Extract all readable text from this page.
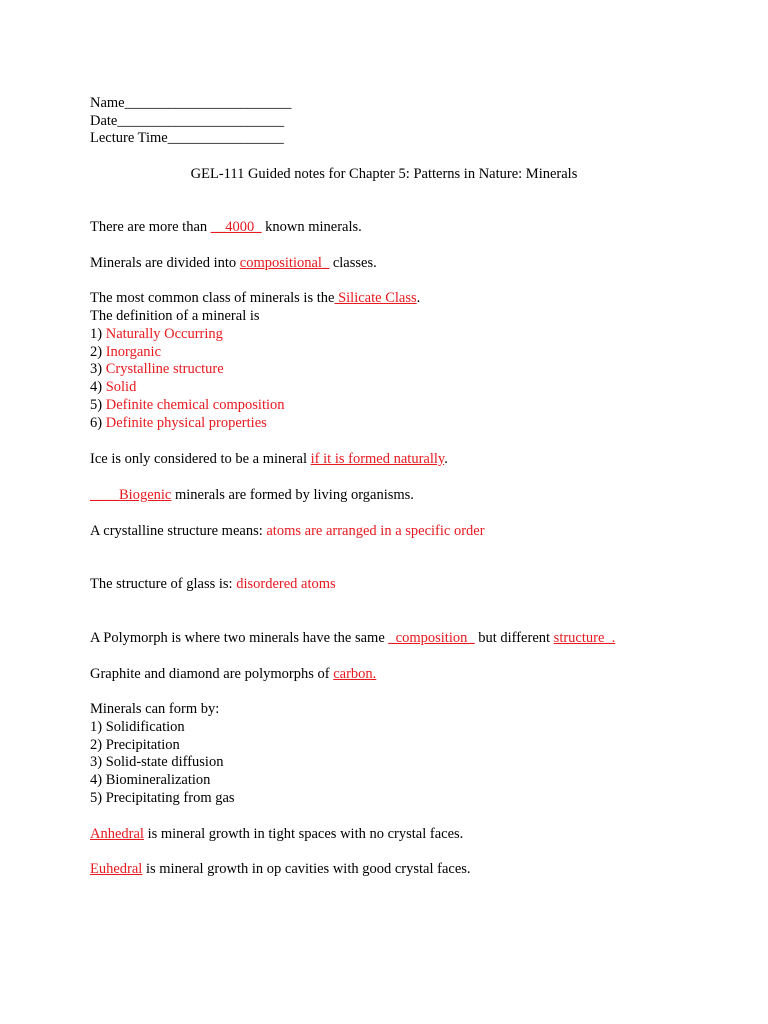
Name_______________________
Date_______________________
Lecture Time________________
GEL-111 Guided notes for Chapter 5: Patterns in Nature: Minerals
There are more than __4000_ known minerals.
Minerals are divided into compositional_ classes.
The most common class of minerals is the Silicate Class.
The definition of a mineral is
1) Naturally Occurring
2) Inorganic
3) Crystalline structure
4) Solid
5) Definite chemical composition
6) Definite physical properties
Ice is only considered to be a mineral if it is formed naturally.
____Biogenic minerals are formed by living organisms.
A crystalline structure means: atoms are arranged in a specific order
The structure of glass is: disordered atoms
A Polymorph is where two minerals have the same _composition_ but different structure_.
Graphite and diamond are polymorphs of carbon.
Minerals can form by:
1) Solidification
2) Precipitation
3) Solid-state diffusion
4) Biomineralization
5) Precipitating from gas
Anhedral is mineral growth in tight spaces with no crystal faces.
Euhedral is mineral growth in op cavities with good crystal faces.
